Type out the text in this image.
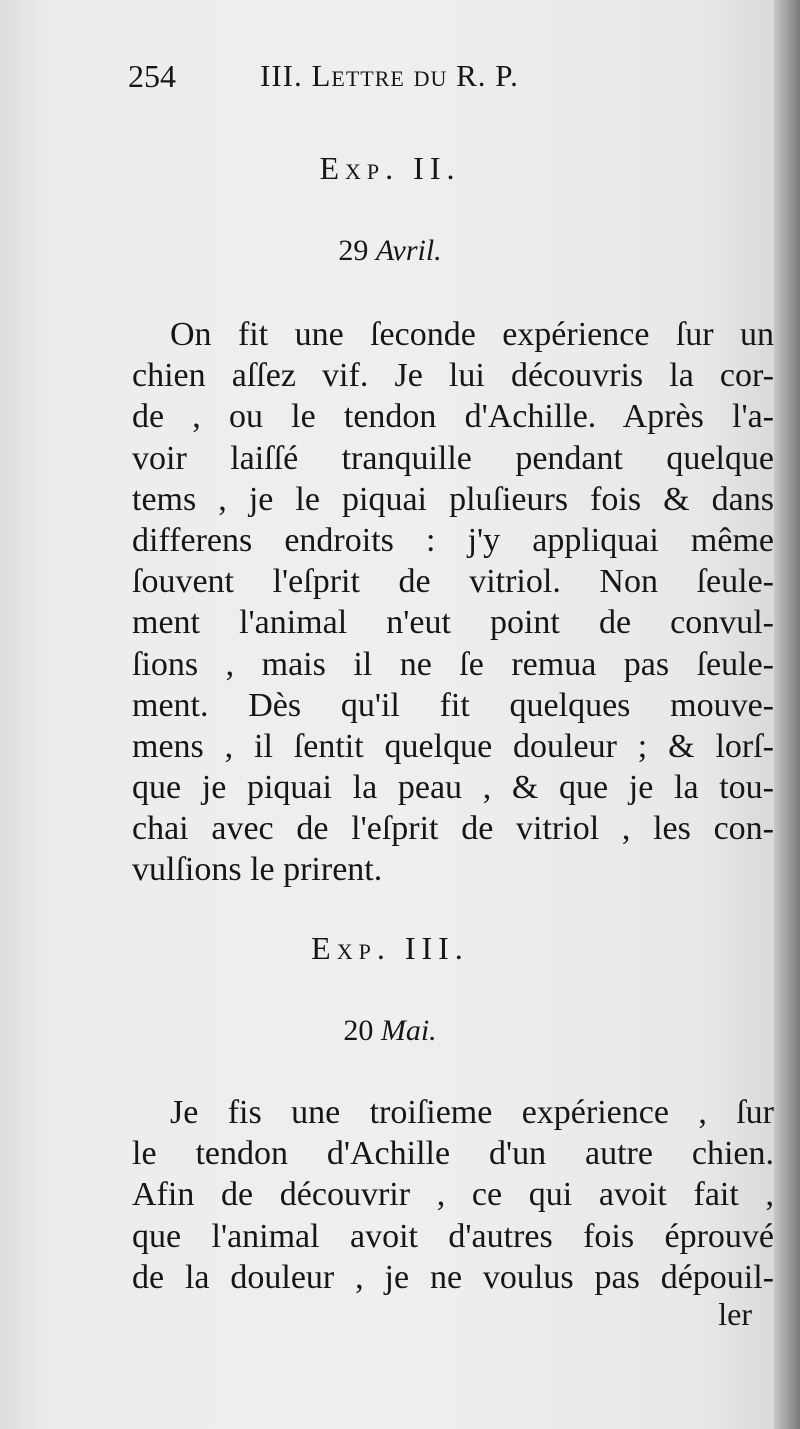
254	III. Lettre du R. P.
Exp. II.
29 Avril.
On fit une ſeconde expérience ſur un
chien aſſez vif. Je lui découvris la cor-
de , ou le tendon d'Achille. Après l'a-
voir laiſſé tranquille pendant quelque
tems , je le piquai pluſieurs fois & dans
differens endroits : j'y appliquai même
ſouvent l'eſprit de vitriol. Non ſeule-
ment l'animal n'eut point de convul-
ſions , mais il ne ſe remua pas ſeule-
ment. Dès qu'il fit quelques mouve-
mens , il ſentit quelque douleur ; & lorſ-
que je piquai la peau , & que je la tou-
chai avec de l'eſprit de vitriol , les con-
vulſions le prirent.
Exp. III.
20 Mai.
Je fis une troiſieme expérience , ſur
le tendon d'Achille d'un autre chien.
Afin de découvrir , ce qui avoit fait ,
que l'animal avoit d'autres fois éprouvé
de la douleur , je ne voulus pas dépouil-
ler
